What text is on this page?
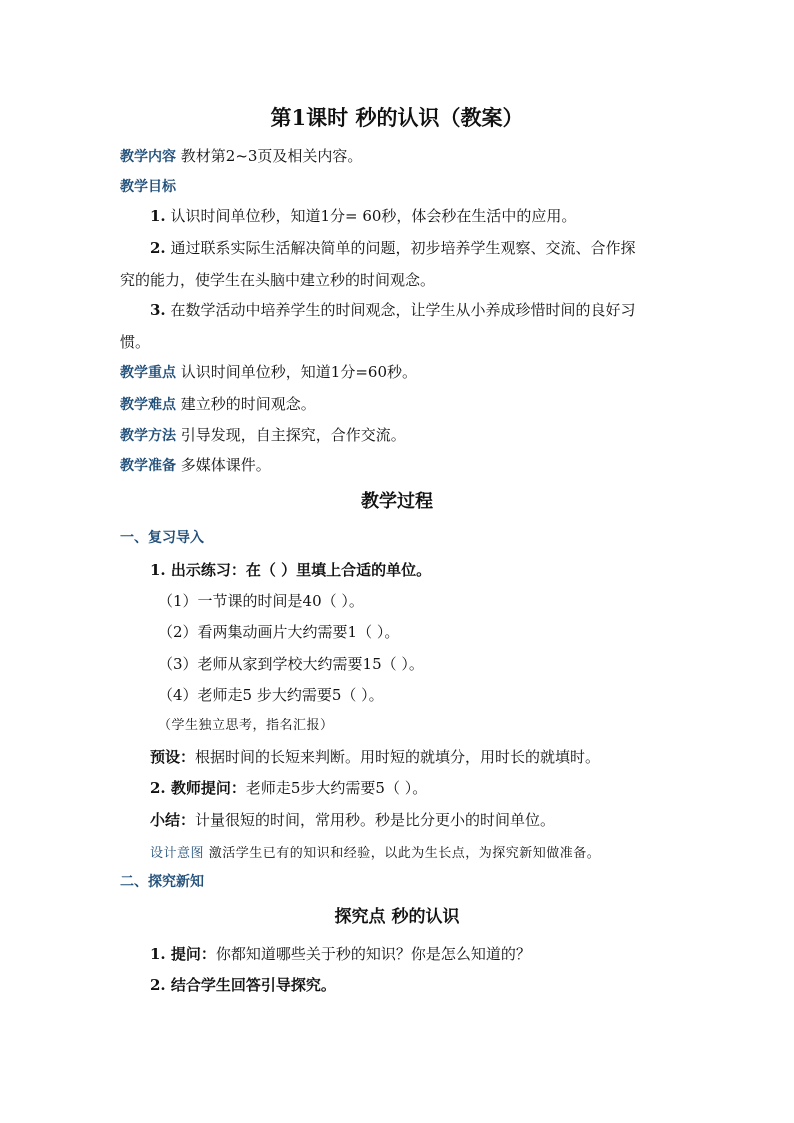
第1课时 秒的认识（教案）
教学内容 教材第2~3页及相关内容。
教学目标
1. 认识时间单位秒，知道1分= 60秒，体会秒在生活中的应用。
2. 通过联系实际生活解决简单的问题，初步培养学生观察、交流、合作探
究的能力，使学生在头脑中建立秒的时间观念。
3. 在数学活动中培养学生的时间观念，让学生从小养成珍惜时间的良好习
惯。
教学重点 认识时间单位秒，知道1分=60秒。
教学难点 建立秒的时间观念。
教学方法 引导发现，自主探究，合作交流。
教学准备 多媒体课件。
教学过程
一、复习导入
1. 出示练习：在（ ）里填上合适的单位。
（1）一节课的时间是40（ ）。
（2）看两集动画片大约需要1（ ）。
（3）老师从家到学校大约需要15（ ）。
（4）老师走5 步大约需要5（ ）。
（学生独立思考，指名汇报）
预设：根据时间的长短来判断。用时短的就填分，用时长的就填时。
2. 教师提问：老师走5步大约需要5（ ）。
小结：计量很短的时间，常用秒。秒是比分更小的时间单位。
设计意图 激活学生已有的知识和经验，以此为生长点，为探究新知做准备。
二、探究新知
探究点 秒的认识
1. 提问：你都知道哪些关于秒的知识？你是怎么知道的？
2. 结合学生回答引导探究。
